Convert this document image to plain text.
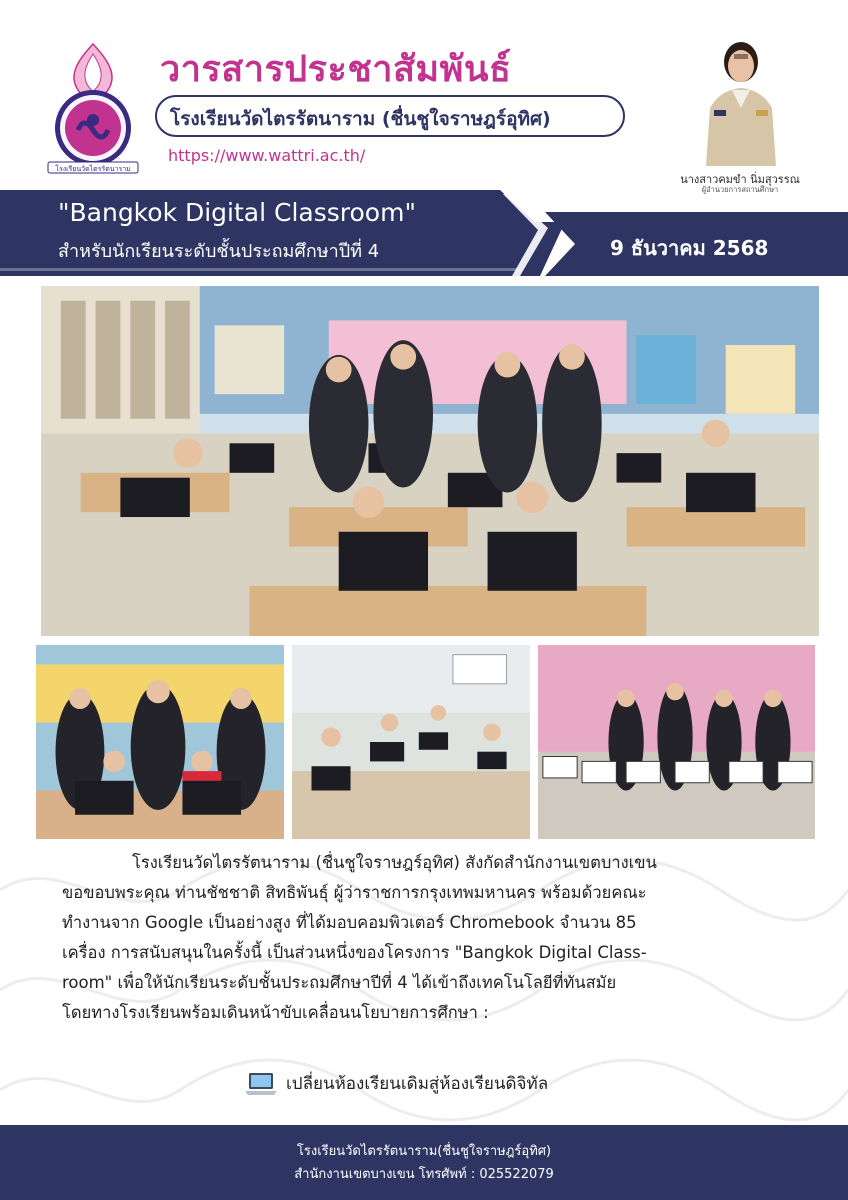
โรงเรียนวัดไตรรัตนาราม
วารสารประชาสัมพันธ์
โรงเรียนวัดไตรรัตนาราม (ชื่นชูใจราษฎร์อุทิศ)
https://www.wattri.ac.th/
นางสาวคมขำ นิ่มสุวรรณ
ผู้อำนวยการสถานศึกษา
"Bangkok Digital Classroom"
สำหรับนักเรียนระดับชั้นประถมศึกษาปีที่ 4	9 ธันวาคม 2568

โรงเรียนวัดไตรรัตนาราม (ชื่นชูใจราษฎร์อุทิศ) สังกัดสำนักงานเขตบางเขน

ขอขอบพระคุณ ท่านชัชชาติ สิทธิพันธุ์ ผู้ว่าราชการกรุงเทพมหานคร พร้อมด้วยคณะ

ทำงานจาก Google เป็นอย่างสูง ที่ได้มอบคอมพิวเตอร์ Chromebook จำนวน 85

เครื่อง การสนับสนุนในครั้งนี้ เป็นส่วนหนึ่งของโครงการ "Bangkok Digital Class-

room" เพื่อให้นักเรียนระดับชั้นประถมศึกษาปีที่ 4 ได้เข้าถึงเทคโนโลยีที่ทันสมัย

โดยทางโรงเรียนพร้อมเดินหน้าขับเคลื่อนนโยบายการศึกษา :

เปลี่ยนห้องเรียนเดิมสู่ห้องเรียนดิจิทัล
โรงเรียนวัดไตรรัตนาราม(ชื่นชูใจราษฎร์อุทิศ)
สำนักงานเขตบางเขน โทรศัพท์ : 025522079
